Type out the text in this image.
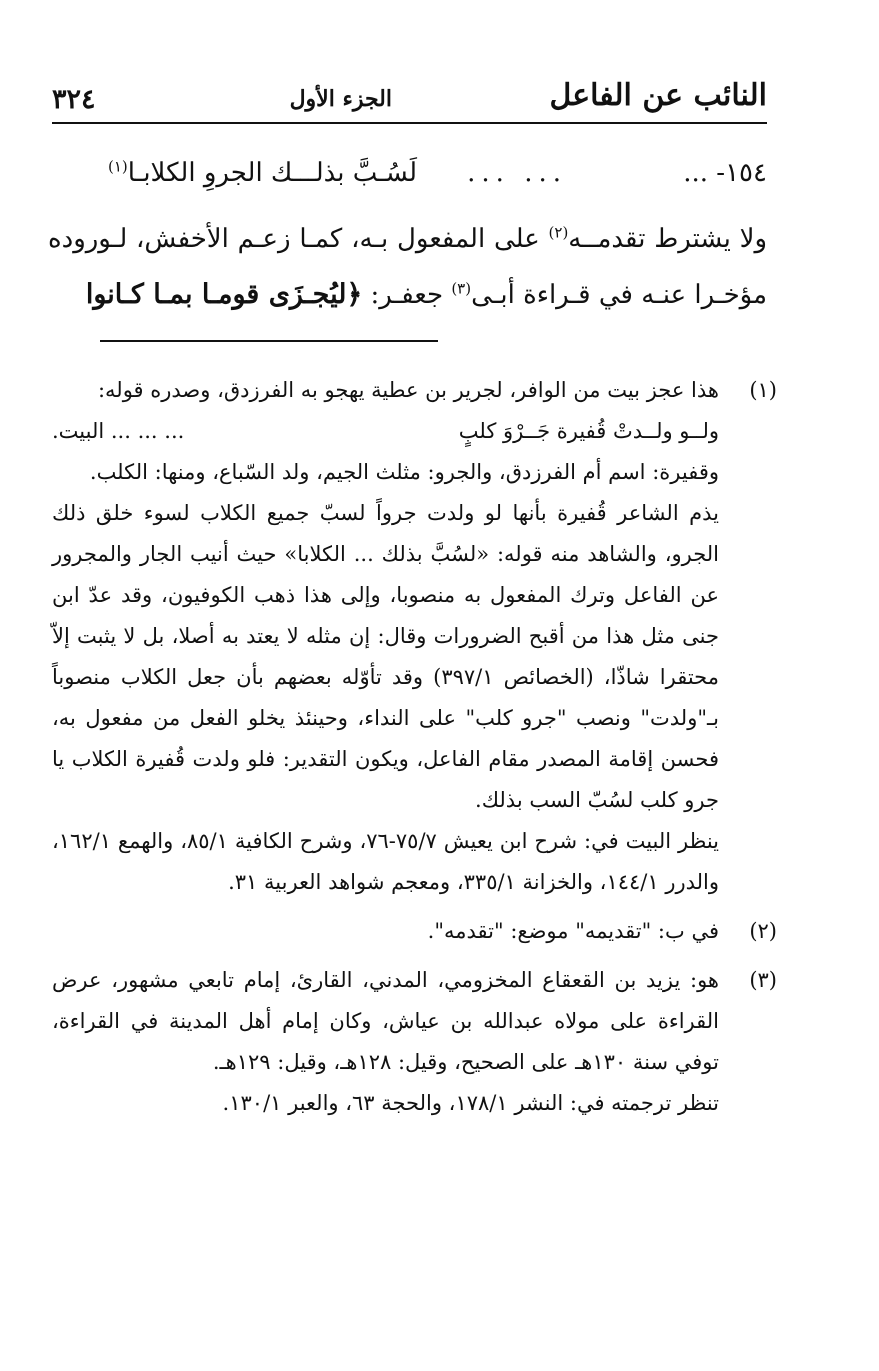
النائب عن الفاعل
الجزء الأول
٣٢٤
١٥٤- ...
... ...
لَسُـبَّ بذلـــك الجروِ الكلابـا$^{(١)}$
ولا يشترط تقدمــه$^{(٢)}$ على المفعول بـه، كمـا زعـم الأخفش، لـوروده مؤخـرا عنـه في قـراءة أبـى$^{(٣)}$ جعفـر: ﴿ليُجـزَى قومـا بمـا كـانوا
(١)

هذا عجز بيت من الوافر، لجرير بن عطية يهجو به الفرزدق، وصدره قوله:

ولــو ولــدتْ قُفيرة جَــرْوَ كلبٍ
... ... ... البيت.

وقفيرة: اسم أم الفرزدق، والجرو: مثلث الجيم، ولد السّباع، ومنها: الكلب.

يذم الشاعر قُفيرة بأنها لو ولدت جرواً لسبّ جميع الكلاب لسوء خلق ذلك الجرو، والشاهد منه قوله: «لسُبَّ بذلك ... الكلابا» حيث أنيب الجار والمجرور عن الفاعل وترك المفعول به منصوبا، وإلى هذا ذهب الكوفيون، وقد عدّ ابن جنى مثل هذا من أقبح الضرورات وقال: إن مثله لا يعتد به أصلا، بل لا يثبت إلاّ محتقرا شاذّا، (الخصائص ٣٩٧/١) وقد تأوّله بعضهم بأن جعل الكلاب منصوباً بـ"ولدت" ونصب "جرو كلب" على النداء، وحينئذ يخلو الفعل من مفعول به، فحسن إقامة المصدر مقام الفاعل، ويكون التقدير: فلو ولدت قُفيرة الكلاب يا جرو كلب لسُبّ السب بذلك.

ينظر البيت في: شرح ابن يعيش ٧٥/٧-٧٦، وشرح الكافية ٨٥/١، والهمع ١٦٢/١، والدرر ١٤٤/١، والخزانة ٣٣٥/١، ومعجم شواهد العربية ٣١.

(٢)

في ب: "تقديمه" موضع: "تقدمه".

(٣)

هو: يزيد بن القعقاع المخزومي، المدني، القارئ، إمام تابعي مشهور، عرض القراءة على مولاه عبدالله بن عياش، وكان إمام أهل المدينة في القراءة، توفي سنة ١٣٠هـ على الصحيح، وقيل: ١٢٨هـ، وقيل: ١٢٩هـ.

تنظر ترجمته في: النشر ١٧٨/١، والحجة ٦٣، والعبر ١٣٠/١.
